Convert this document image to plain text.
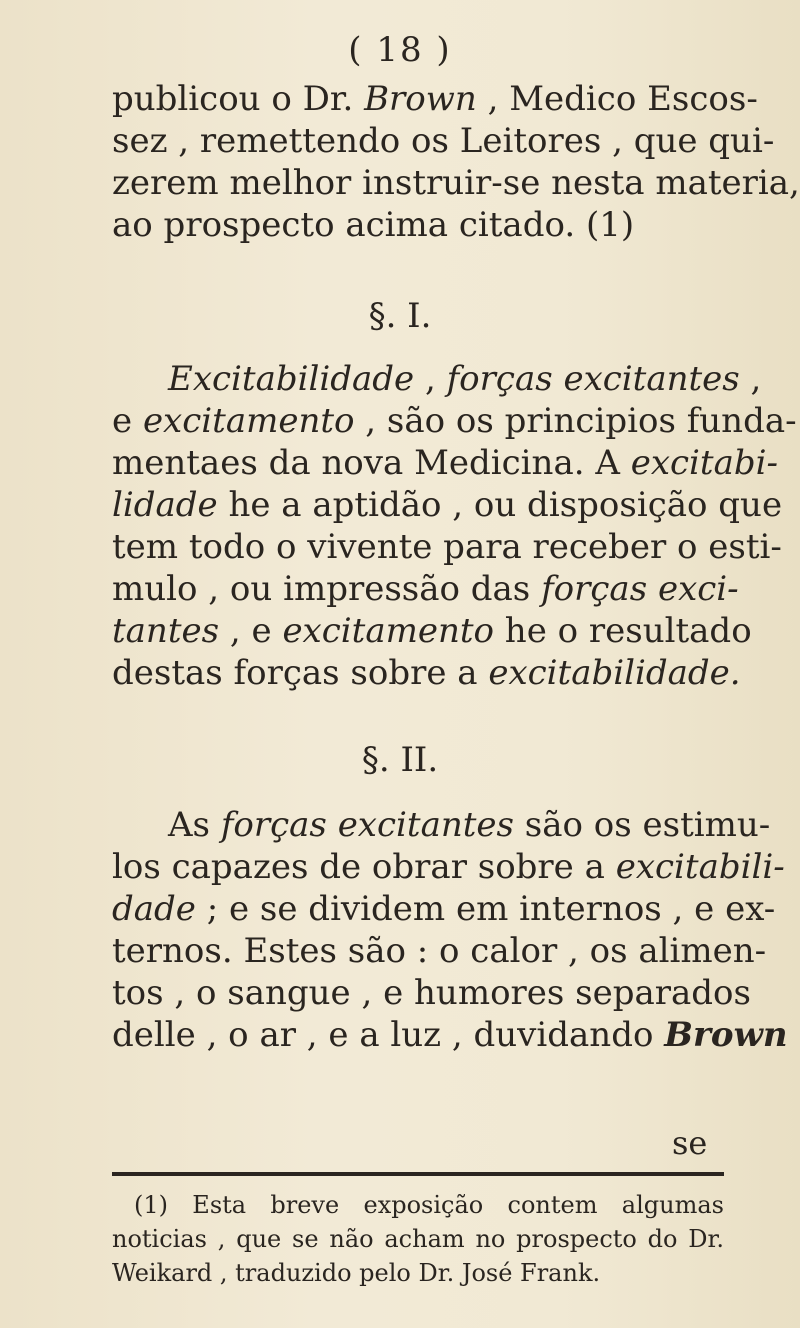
( 18 )
publicou o Dr. Brown , Medico Escos-
sez , remettendo os Leitores , que qui-
zerem melhor instruir-se nesta materia,
ao prospecto acima citado. (1)
§. I.
Excitabilidade , forças excitantes ,
e excitamento , são os principios funda-
mentaes da nova Medicina. A excitabi-
lidade he a aptidão , ou disposição que
tem todo o vivente para receber o esti-
mulo , ou impressão das forças exci-
tantes , e excitamento he o resultado
destas forças sobre a excitabilidade.
§. II.
As forças excitantes são os estimu-
los capazes de obrar sobre a excitabili-
dade ; e se dividem em internos , e ex-
ternos. Estes são : o calor , os alimen-
tos , o sangue , e humores separados
delle , o ar , e a luz , duvidando Brown
se
(1) Esta breve exposição contem algumas
noticias , que se não acham no prospecto do Dr.
Weikard , traduzido pelo Dr. José Frank.
